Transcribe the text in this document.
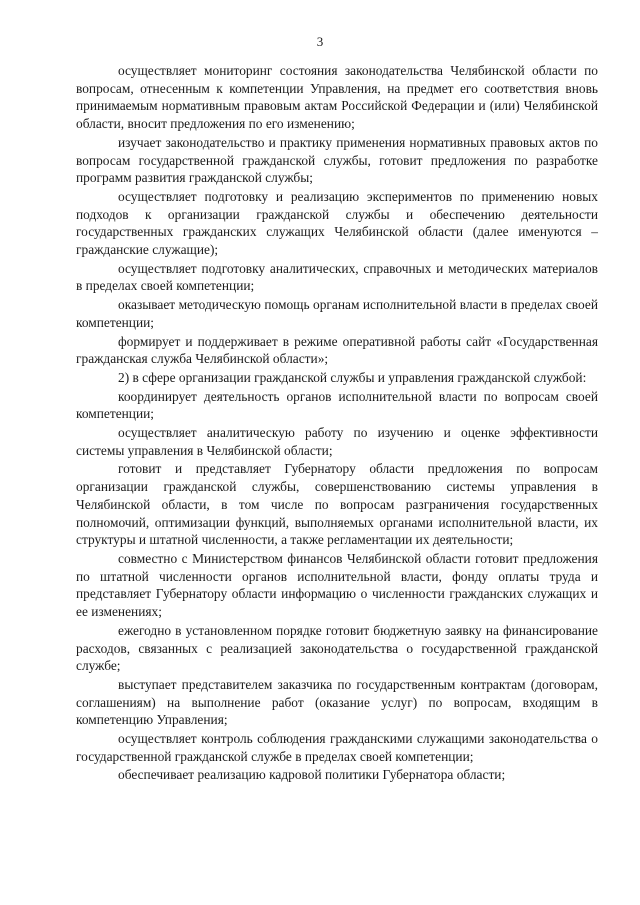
3

осуществляет мониторинг состояния законодательства Челябинской области по вопросам, отнесенным к компетенции Управления, на предмет его соответствия вновь принимаемым нормативным правовым актам Российской Федерации и (или) Челябинской области, вносит предложения по его изменению;

изучает законодательство и практику применения нормативных правовых актов по вопросам государственной гражданской службы, готовит предложения по разработке программ развития гражданской службы;

осуществляет подготовку и реализацию экспериментов по применению новых подходов к организации гражданской службы и обеспечению деятельности государственных гражданских служащих Челябинской области (далее именуются – гражданские служащие);

осуществляет подготовку аналитических, справочных и методических материалов в пределах своей компетенции;

оказывает методическую помощь органам исполнительной власти в пределах своей компетенции;

формирует и поддерживает в режиме оперативной работы сайт «Государственная гражданская служба Челябинской области»;

2) в сфере организации гражданской службы и управления гражданской службой:

координирует деятельность органов исполнительной власти по вопросам своей компетенции;

осуществляет аналитическую работу по изучению и оценке эффективности системы управления в Челябинской области;

готовит и представляет Губернатору области предложения по вопросам организации гражданской службы, совершенствованию системы управления в Челябинской области, в том числе по вопросам разграничения государственных полномочий, оптимизации функций, выполняемых органами исполнительной власти, их структуры и штатной численности, а также регламентации их деятельности;

совместно с Министерством финансов Челябинской области готовит предложения по штатной численности органов исполнительной власти, фонду оплаты труда и представляет Губернатору области информацию о численности гражданских служащих и ее изменениях;

ежегодно в установленном порядке готовит бюджетную заявку на финансирование расходов, связанных с реализацией законодательства о государственной гражданской службе;

выступает представителем заказчика по государственным контрактам (договорам, соглашениям) на выполнение работ (оказание услуг) по вопросам, входящим в компетенцию Управления;

осуществляет контроль соблюдения гражданскими служащими законодательства о государственной гражданской службе в пределах своей компетенции;

обеспечивает реализацию кадровой политики Губернатора области;
